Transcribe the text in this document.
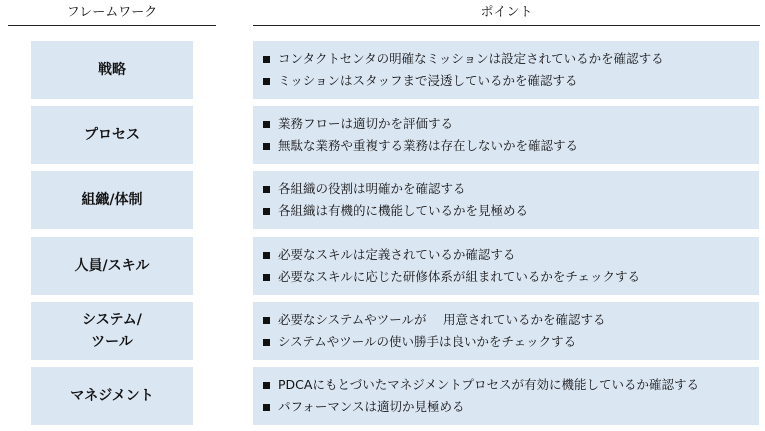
フレームワーク	ポイント
戦略
コンタクトセンタの明確なミッションは設定されているかを確認する
ミッションはスタッフまで浸透しているかを確認する
プロセス
業務フローは適切かを評価する
無駄な業務や重複する業務は存在しないかを確認する
組織/体制
各組織の役割は明確かを確認する
各組織は有機的に機能しているかを見極める
人員/スキル
必要なスキルは定義されているか確認する
必要なスキルに応じた研修体系が組まれているかをチェックする
システム/
ツール
必要なシステムやツールが　 用意されているかを確認する
システムやツールの使い勝手は良いかをチェックする
マネジメント
PDCAにもとづいたマネジメントプロセスが有効に機能しているか確認する
パフォーマンスは適切か見極める
